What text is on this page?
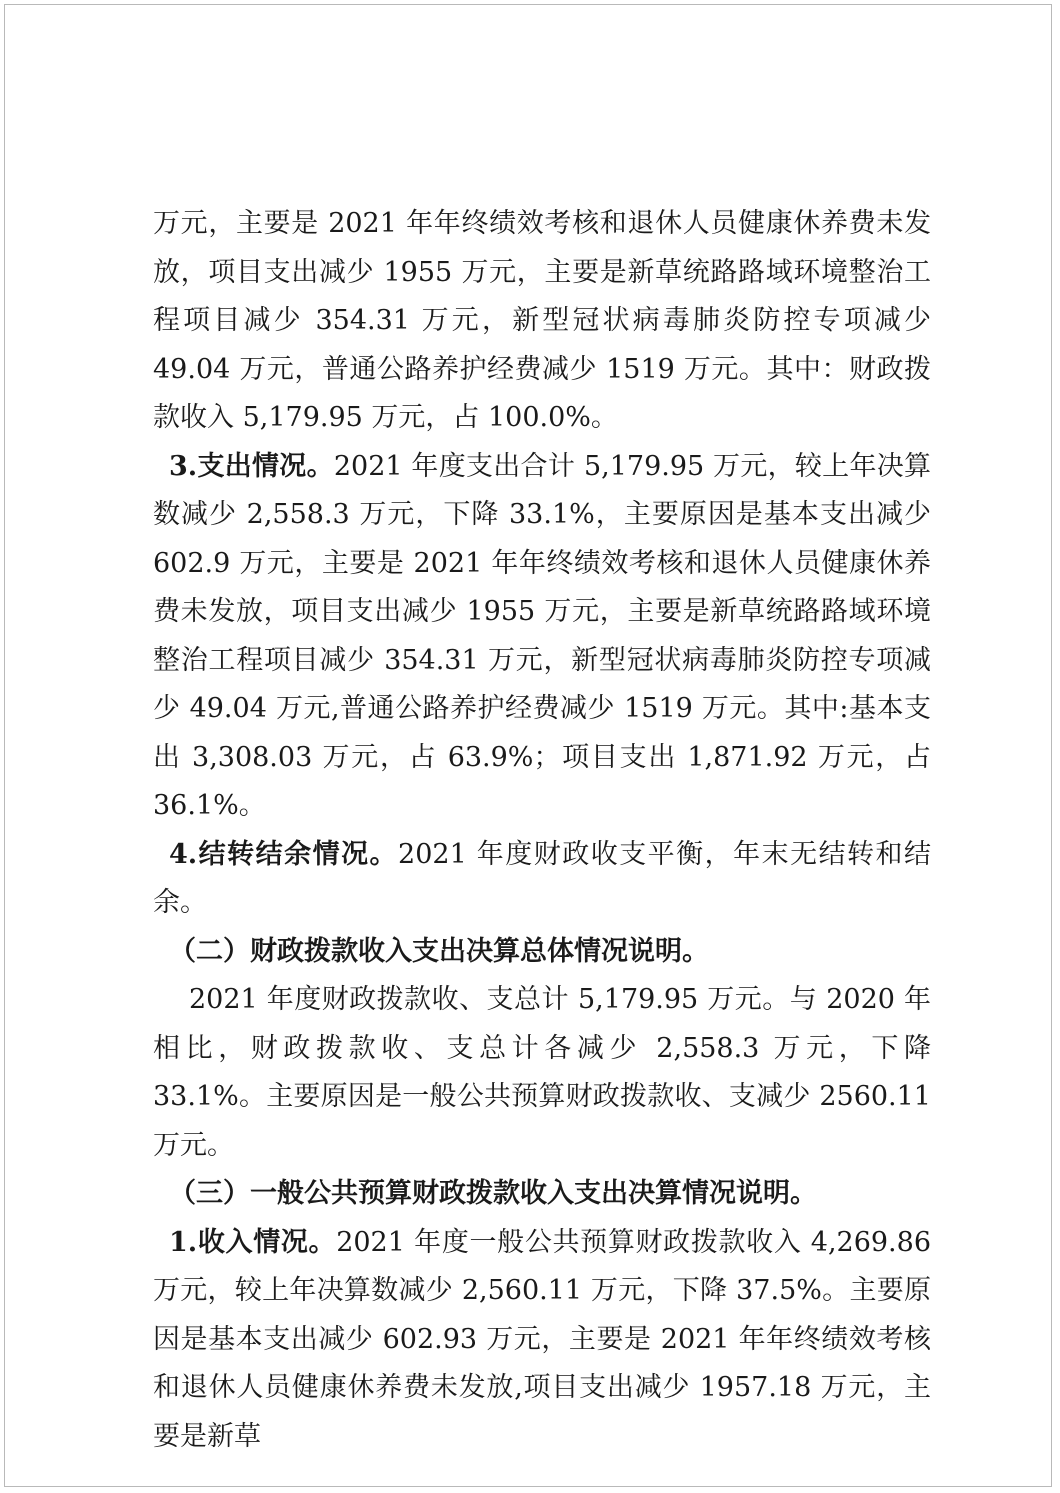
万元，主要是 2021 年年终绩效考核和退休人员健康休养费未发放，项目支出减少 1955 万元，主要是新草统路路域环境整治工程项目减少 354.31 万元，新型冠状病毒肺炎防控专项减少 49.04 万元，普通公路养护经费减少 1519 万元。其中：财政拨款收入 5,179.95 万元，占 100.0%。

3.支出情况。2021 年度支出合计 5,179.95 万元，较上年决算数减少 2,558.3 万元，下降 33.1%，主要原因是基本支出减少 602.9 万元，主要是 2021 年年终绩效考核和退休人员健康休养费未发放，项目支出减少 1955 万元，主要是新草统路路域环境整治工程项目减少 354.31 万元，新型冠状病毒肺炎防控专项减少 49.04 万元,普通公路养护经费减少 1519 万元。其中:基本支出 3,308.03 万元，占 63.9%；项目支出 1,871.92 万元，占 36.1%。

4.结转结余情况。2021 年度财政收支平衡，年末无结转和结余。

（二）财政拨款收入支出决算总体情况说明。

2021 年度财政拨款收、支总计 5,179.95 万元。与 2020 年相比，财政拨款收、支总计各减少 2,558.3 万元，下降 33.1%。主要原因是一般公共预算财政拨款收、支减少 2560.11 万元。

（三）一般公共预算财政拨款收入支出决算情况说明。

1.收入情况。2021 年度一般公共预算财政拨款收入 4,269.86 万元，较上年决算数减少 2,560.11 万元，下降 37.5%。主要原因是基本支出减少 602.93 万元，主要是 2021 年年终绩效考核和退休人员健康休养费未发放,项目支出减少 1957.18 万元，主要是新草
